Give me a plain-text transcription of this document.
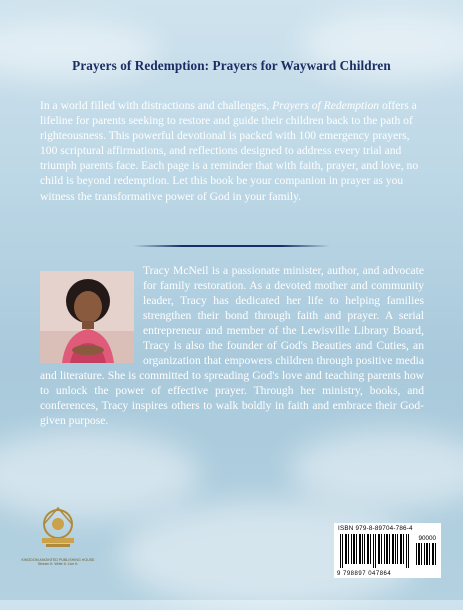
Prayers of Redemption: Prayers for Wayward Children
In a world filled with distractions and challenges, Prayers of Redemption offers a lifeline for parents seeking to restore and guide their children back to the path of righteousness. This powerful devotional is packed with 100 emergency prayers, 100 scriptural affirmations, and reflections designed to address every trial and triumph parents face. Each page is a reminder that with faith, prayer, and love, no child is beyond redemption. Let this book be your companion in prayer as you witness the transformative power of God in your family.
Tracy McNeil is a passionate minister, author, and advocate for family restoration. As a devoted mother and community leader, Tracy has dedicated her life to helping families strengthen their bond through faith and prayer. A serial entrepreneur and member of the Lewisville Library Board, Tracy is also the founder of God's Beauties and Cuties, an organization that empowers children through positive media and literature. She is committed to spreading God's love and teaching parents how to unlock the power of effective prayer. Through her ministry, books, and conferences, Tracy inspires others to walk boldly in faith and embrace their God-given purpose.
KINGDOM ANOINTED PUBLISHING HOUSE
Stream It. Write It. Live It.
ISBN 979-8-89704-786-4
90000
9 798897 047864
